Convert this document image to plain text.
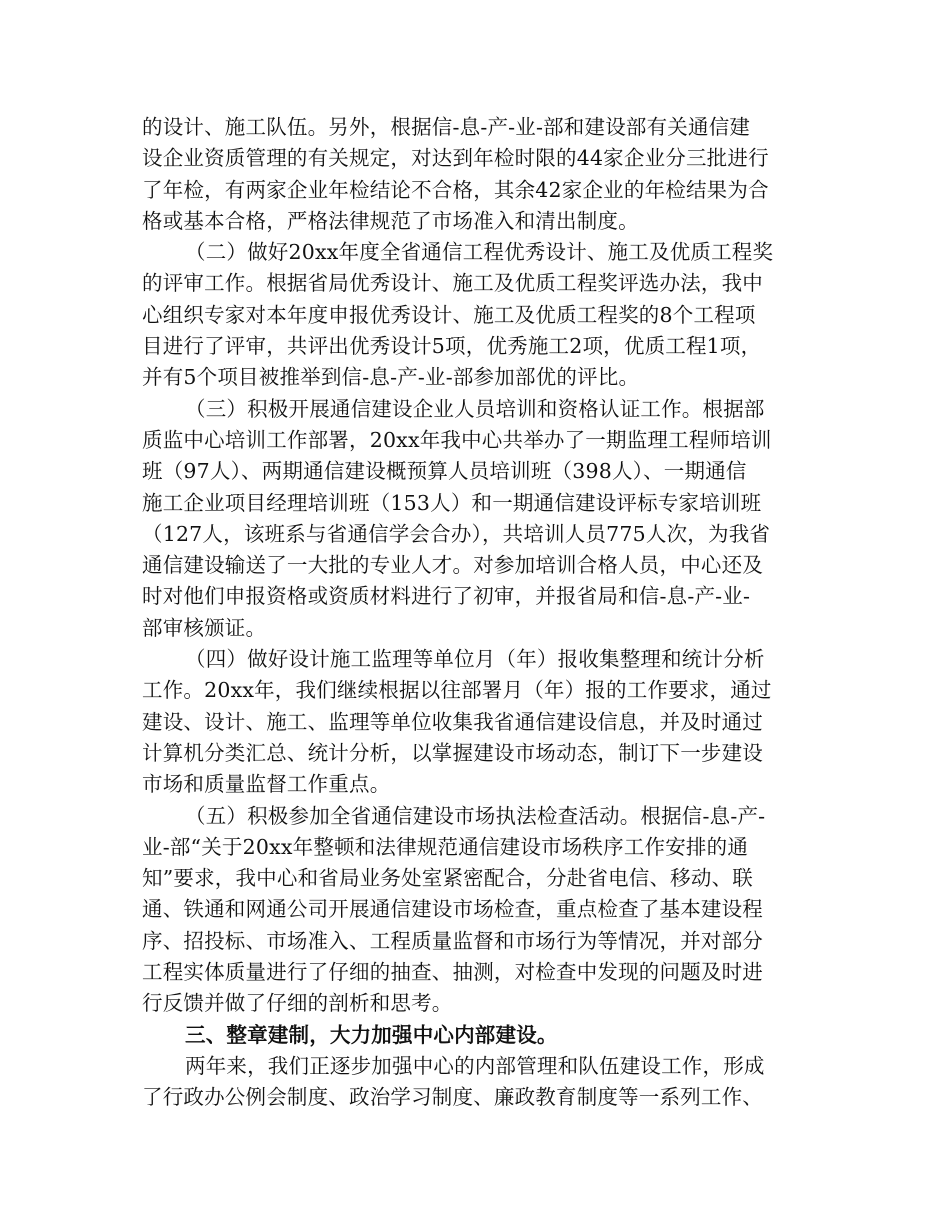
的设计、施工队伍。另外，根据信-息-产-业-部和建设部有关通信建
设企业资质管理的有关规定，对达到年检时限的44家企业分三批进行
了年检，有两家企业年检结论不合格，其余42家企业的年检结果为合
格或基本合格，严格法律规范了市场准入和清出制度。
（二）做好20xx年度全省通信工程优秀设计、施工及优质工程奖
的评审工作。根据省局优秀设计、施工及优质工程奖评选办法，我中
心组织专家对本年度申报优秀设计、施工及优质工程奖的8个工程项
目进行了评审，共评出优秀设计5项，优秀施工2项，优质工程1项，
并有5个项目被推举到信-息-产-业-部参加部优的评比。
（三）积极开展通信建设企业人员培训和资格认证工作。根据部
质监中心培训工作部署，20xx年我中心共举办了一期监理工程师培训
班（97人）、两期通信建设概预算人员培训班（398人）、一期通信
施工企业项目经理培训班（153人）和一期通信建设评标专家培训班
（127人，该班系与省通信学会合办），共培训人员775人次，为我省
通信建设输送了一大批的专业人才。对参加培训合格人员，中心还及
时对他们申报资格或资质材料进行了初审，并报省局和信-息-产-业-
部审核颁证。
（四）做好设计施工监理等单位月（年）报收集整理和统计分析
工作。20xx年，我们继续根据以往部署月（年）报的工作要求，通过
建设、设计、施工、监理等单位收集我省通信建设信息，并及时通过
计算机分类汇总、统计分析，以掌握建设市场动态，制订下一步建设
市场和质量监督工作重点。
（五）积极参加全省通信建设市场执法检查活动。根据信-息-产-
业-部“关于20xx年整顿和法律规范通信建设市场秩序工作安排的通
知”要求，我中心和省局业务处室紧密配合，分赴省电信、移动、联
通、铁通和网通公司开展通信建设市场检查，重点检查了基本建设程
序、招投标、市场准入、工程质量监督和市场行为等情况，并对部分
工程实体质量进行了仔细的抽查、抽测，对检查中发现的问题及时进
行反馈并做了仔细的剖析和思考。
三、整章建制，大力加强中心内部建设。
两年来，我们正逐步加强中心的内部管理和队伍建设工作，形成
了行政办公例会制度、政治学习制度、廉政教育制度等一系列工作、
